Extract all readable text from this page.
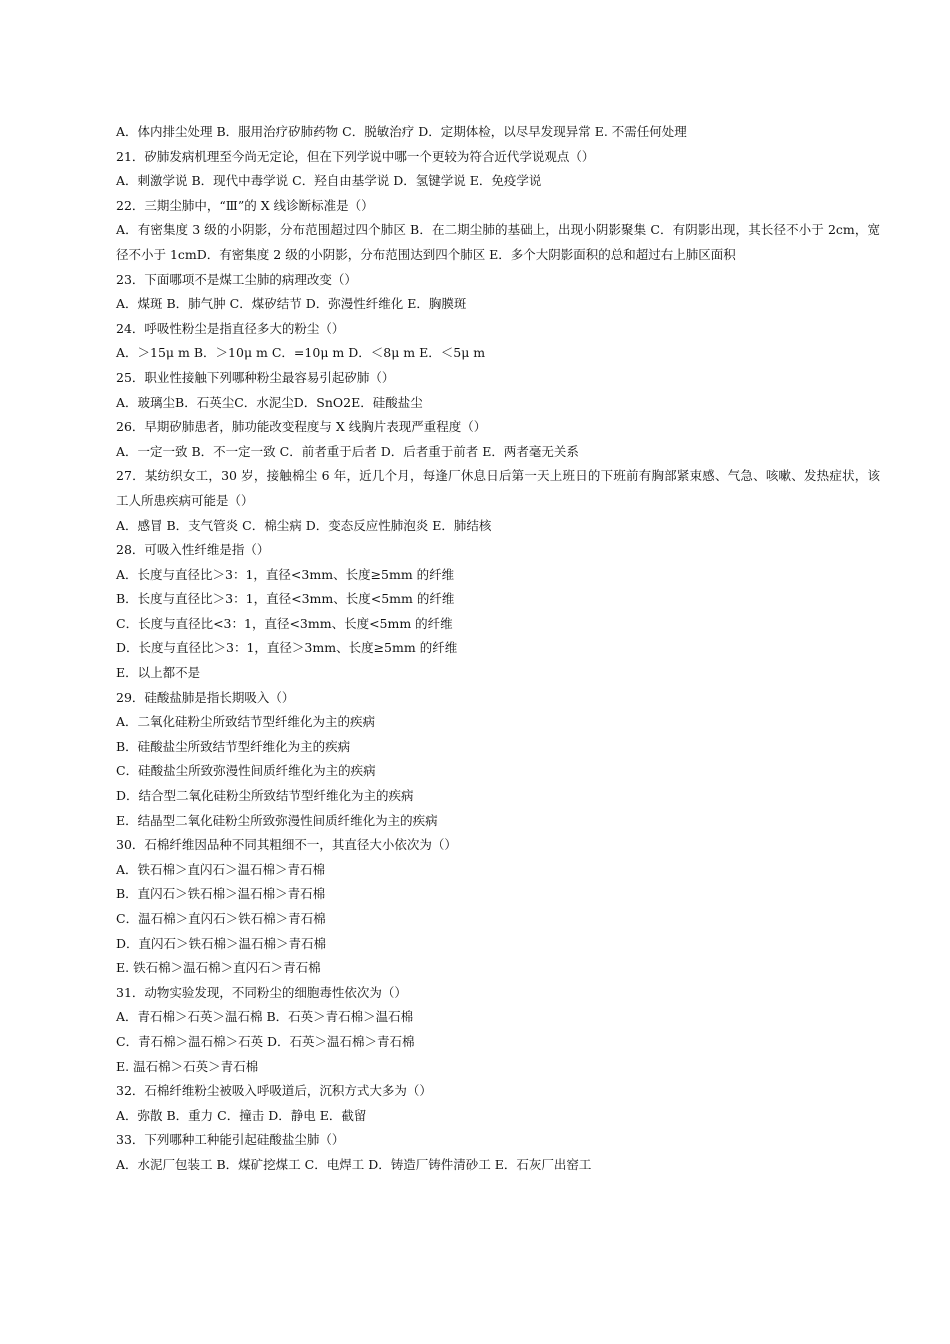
A．体内排尘处理 B．服用治疗矽肺药物 C．脱敏治疗 D．定期体检，以尽早发现异常 E. 不需任何处理
21．矽肺发病机理至今尚无定论，但在下列学说中哪一个更较为符合近代学说观点（）
A．刺激学说 B．现代中毒学说 C．羟自由基学说 D．氢键学说 E．免疫学说
22．三期尘肺中，“Ⅲ”的 X 线诊断标准是（）
A．有密集度 3 级的小阴影，分布范围超过四个肺区 B．在二期尘肺的基础上，出现小阴影聚集 C．有阴影出现，其长径不小于 2cm，宽径不小于 1cmD．有密集度 2 级的小阴影，分布范围达到四个肺区 E．多个大阴影面积的总和超过右上肺区面积
23．下面哪项不是煤工尘肺的病理改变（）
A．煤斑 B．肺气肿 C．煤矽结节 D．弥漫性纤维化 E．胸膜斑
24．呼吸性粉尘是指直径多大的粉尘（）
A．＞15μ m B．＞10μ m C．=10μ m D．＜8μ m E．＜5μ m
25．职业性接触下列哪种粉尘最容易引起矽肺（）
A．玻璃尘B．石英尘C．水泥尘D．SnO2E．硅酸盐尘
26．早期矽肺患者，肺功能改变程度与 X 线胸片表现严重程度（）
A．一定一致 B．不一定一致 C．前者重于后者 D．后者重于前者 E．两者毫无关系
27．某纺织女工，30 岁，接触棉尘 6 年，近几个月，每逢厂休息日后第一天上班日的下班前有胸部紧束感、气急、咳嗽、发热症状，该工人所患疾病可能是（）
A．感冒 B．支气管炎 C．棉尘病 D．变态反应性肺泡炎 E．肺结核
28．可吸入性纤维是指（）
A．长度与直径比＞3：1，直径<3mm、长度≥5mm 的纤维
B．长度与直径比＞3：1，直径<3mm、长度<5mm 的纤维
C．长度与直径比<3：1，直径<3mm、长度<5mm 的纤维
D．长度与直径比＞3：1，直径＞3mm、长度≥5mm 的纤维
E．以上都不是
29．硅酸盐肺是指长期吸入（）
A．二氧化硅粉尘所致结节型纤维化为主的疾病
B．硅酸盐尘所致结节型纤维化为主的疾病
C．硅酸盐尘所致弥漫性间质纤维化为主的疾病
D．结合型二氧化硅粉尘所致结节型纤维化为主的疾病
E．结晶型二氧化硅粉尘所致弥漫性间质纤维化为主的疾病
30．石棉纤维因品种不同其粗细不一，其直径大小依次为（）
A．铁石棉＞直闪石＞温石棉＞青石棉
B．直闪石＞铁石棉＞温石棉＞青石棉
C．温石棉＞直闪石＞铁石棉＞青石棉
D．直闪石＞铁石棉＞温石棉＞青石棉
E. 铁石棉＞温石棉＞直闪石＞青石棉
31．动物实验发现，不同粉尘的细胞毒性依次为（）
A．青石棉＞石英＞温石棉 B．石英＞青石棉＞温石棉
C．青石棉＞温石棉＞石英 D．石英＞温石棉＞青石棉
E. 温石棉＞石英＞青石棉
32．石棉纤维粉尘被吸入呼吸道后，沉积方式大多为（）
A．弥散 B．重力 C．撞击 D．静电 E．截留
33．下列哪种工种能引起硅酸盐尘肺（）
A．水泥厂包装工 B．煤矿挖煤工 C．电焊工 D．铸造厂铸件清砂工 E．石灰厂出窑工
